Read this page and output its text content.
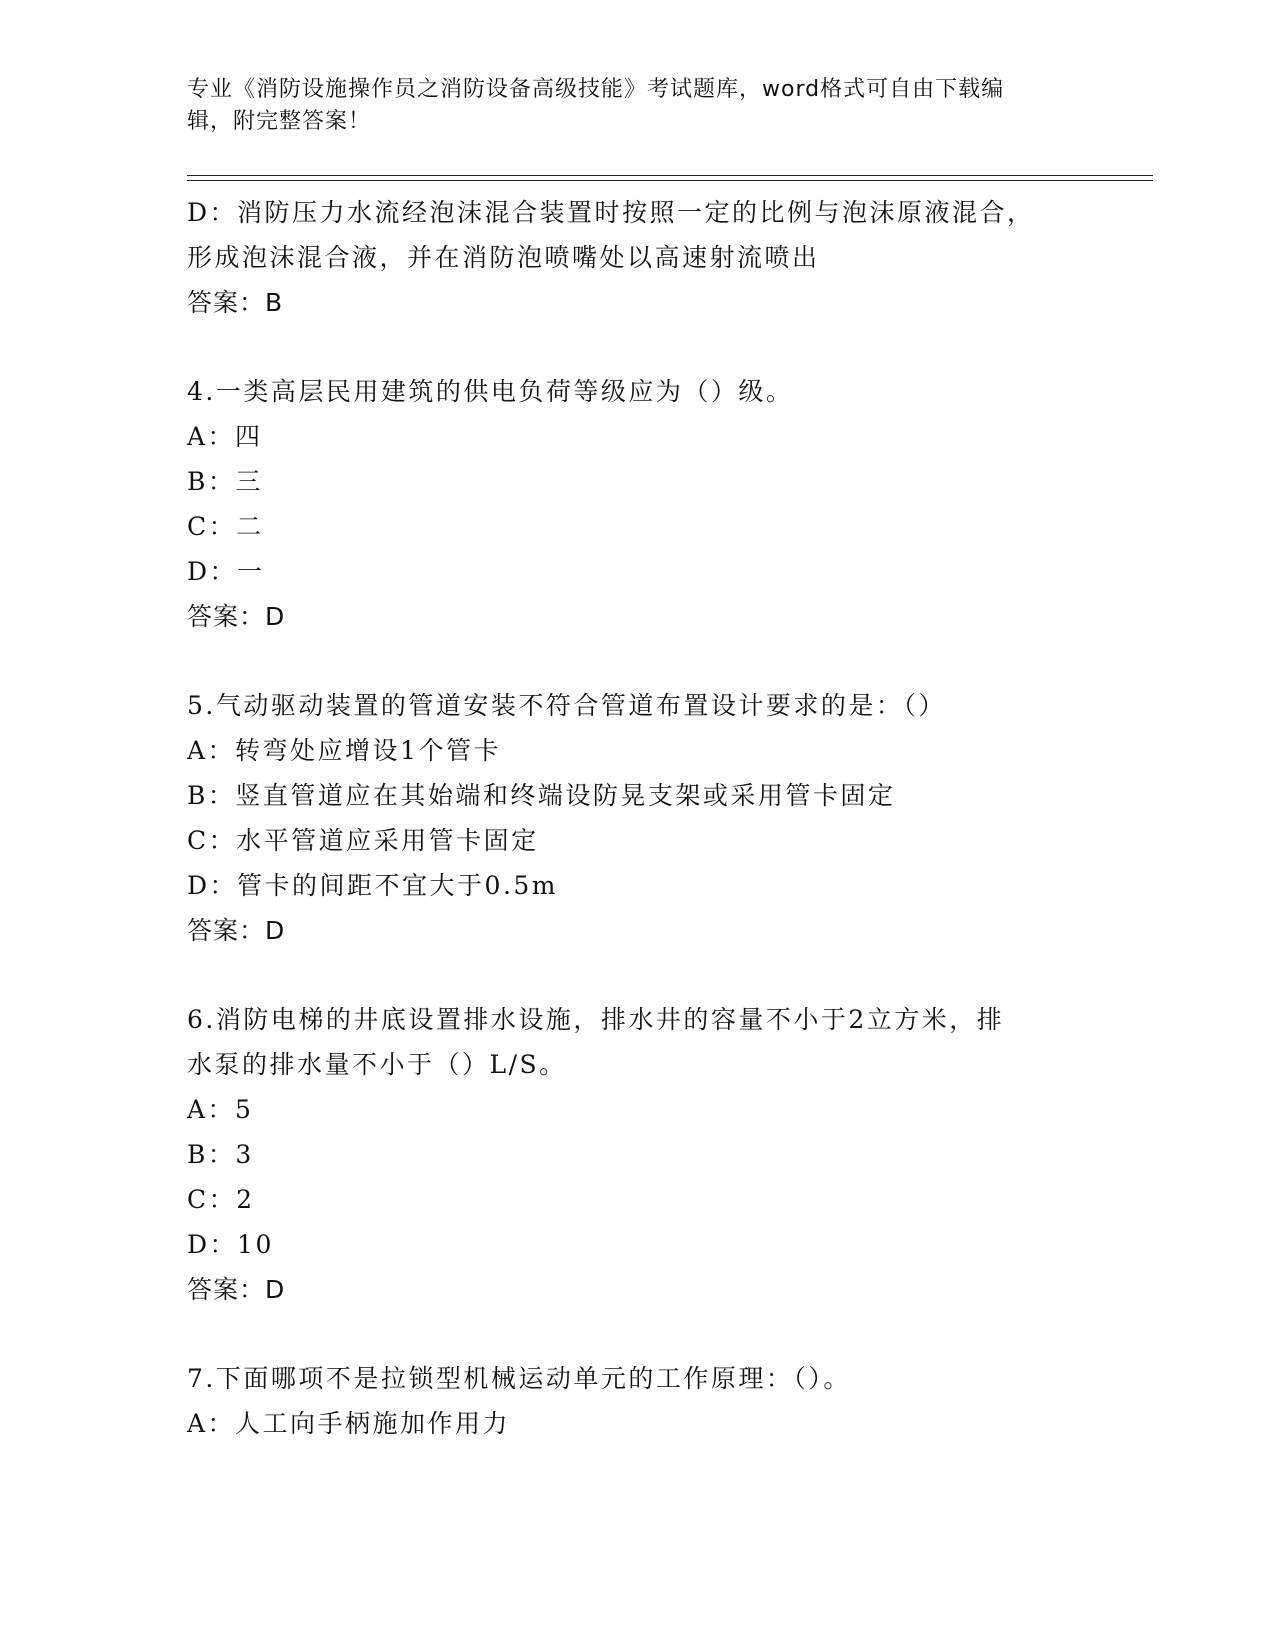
专业《消防设施操作员之消防设备高级技能》考试题库，word格式可自由下载编
辑，附完整答案！
D：消防压力水流经泡沫混合装置时按照一定的比例与泡沫原液混合，
形成泡沫混合液，并在消防泡喷嘴处以高速射流喷出
答案：B
4.一类高层民用建筑的供电负荷等级应为（）级。
A：四
B：三
C：二
D：一
答案：D
5.气动驱动装置的管道安装不符合管道布置设计要求的是：（）
A：转弯处应增设1个管卡
B：竖直管道应在其始端和终端设防晃支架或采用管卡固定
C：水平管道应采用管卡固定
D：管卡的间距不宜大于0.5m
答案：D
6.消防电梯的井底设置排水设施，排水井的容量不小于2立方米，排
水泵的排水量不小于（）L/S。
A：5
B：3
C：2
D：10
答案：D
7.下面哪项不是拉锁型机械运动单元的工作原理：（）。
A：人工向手柄施加作用力
